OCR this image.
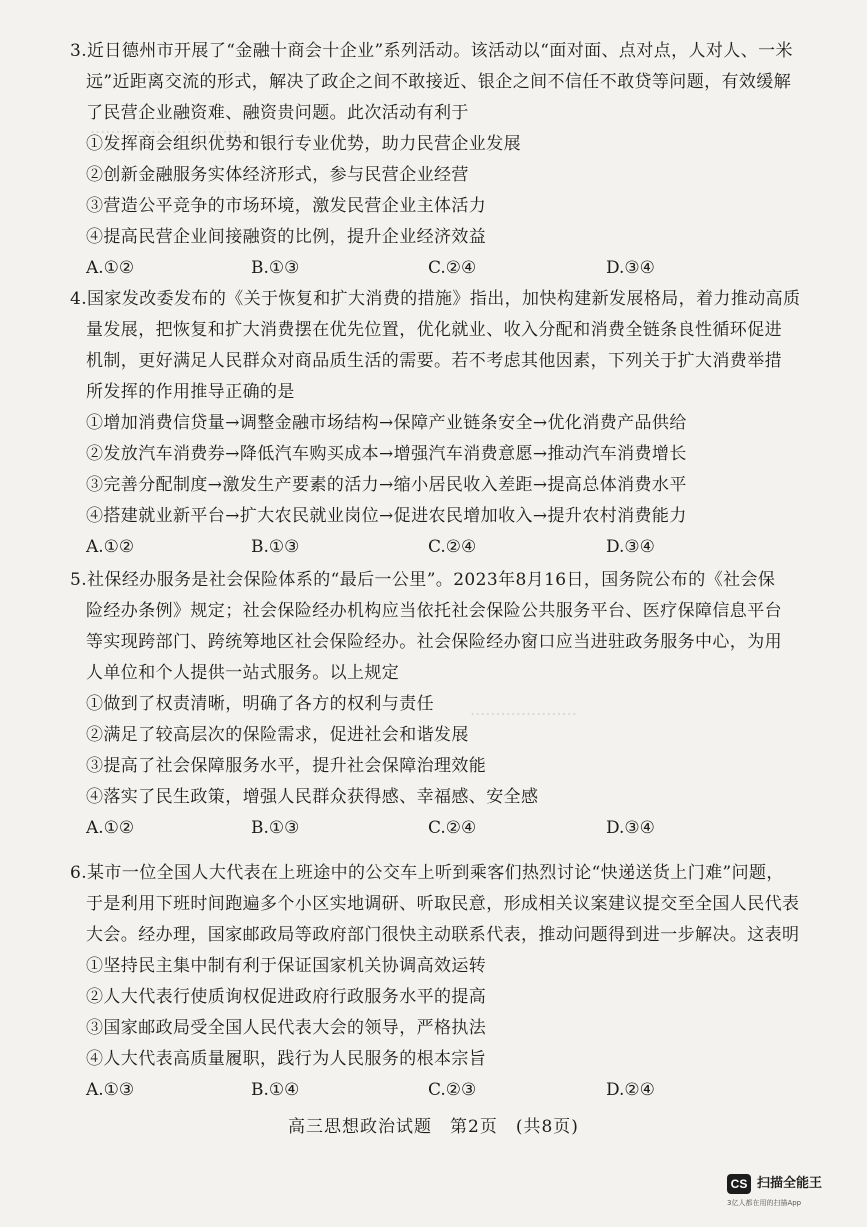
...............................
.....................
3.近日德州市开展了“金融十商会十企业”系列活动。该活动以“面对面、点对点，人对人、一米
远”近距离交流的形式，解决了政企之间不敢接近、银企之间不信任不敢贷等问题，有效缓解
了民营企业融资难、融资贵问题。此次活动有利于
①发挥商会组织优势和银行专业优势，助力民营企业发展
②创新金融服务实体经济形式，参与民营企业经营
③营造公平竞争的市场环境，激发民营企业主体活力
④提高民营企业间接融资的比例，提升企业经济效益
A.①②	B.①③	C.②④	D.③④
4.国家发改委发布的《关于恢复和扩大消费的措施》指出，加快构建新发展格局，着力推动高质
量发展，把恢复和扩大消费摆在优先位置，优化就业、收入分配和消费全链条良性循环促进
机制，更好满足人民群众对商品质生活的需要。若不考虑其他因素，下列关于扩大消费举措
所发挥的作用推导正确的是
①增加消费信贷量→调整金融市场结构→保障产业链条安全→优化消费产品供给
②发放汽车消费券→降低汽车购买成本→增强汽车消费意愿→推动汽车消费增长
③完善分配制度→激发生产要素的活力→缩小居民收入差距→提高总体消费水平
④搭建就业新平台→扩大农民就业岗位→促进农民增加收入→提升农村消费能力
A.①②	B.①③	C.②④	D.③④
5.社保经办服务是社会保险体系的“最后一公里”。2023年8月16日，国务院公布的《社会保
险经办条例》规定；社会保险经办机构应当依托社会保险公共服务平台、医疗保障信息平台
等实现跨部门、跨统筹地区社会保险经办。社会保险经办窗口应当进驻政务服务中心，为用
人单位和个人提供一站式服务。以上规定
①做到了权责清晰，明确了各方的权利与责任
②满足了较高层次的保险需求，促进社会和谐发展
③提高了社会保障服务水平，提升社会保障治理效能
④落实了民生政策，增强人民群众获得感、幸福感、安全感
A.①②	B.①③	C.②④	D.③④
6.某市一位全国人大代表在上班途中的公交车上听到乘客们热烈讨论“快递送货上门难”问题，
于是利用下班时间跑遍多个小区实地调研、听取民意，形成相关议案建议提交至全国人民代表
大会。经办理，国家邮政局等政府部门很快主动联系代表，推动问题得到进一步解决。这表明
①坚持民主集中制有利于保证国家机关协调高效运转
②人大代表行使质询权促进政府行政服务水平的提高
③国家邮政局受全国人民代表大会的领导，严格执法
④人大代表高质量履职，践行为人民服务的根本宗旨
A.①③	B.①④	C.②③	D.②④
高三思想政治试题　第2页　(共8页)
CS 扫描全能王
3亿人都在用的扫描App
